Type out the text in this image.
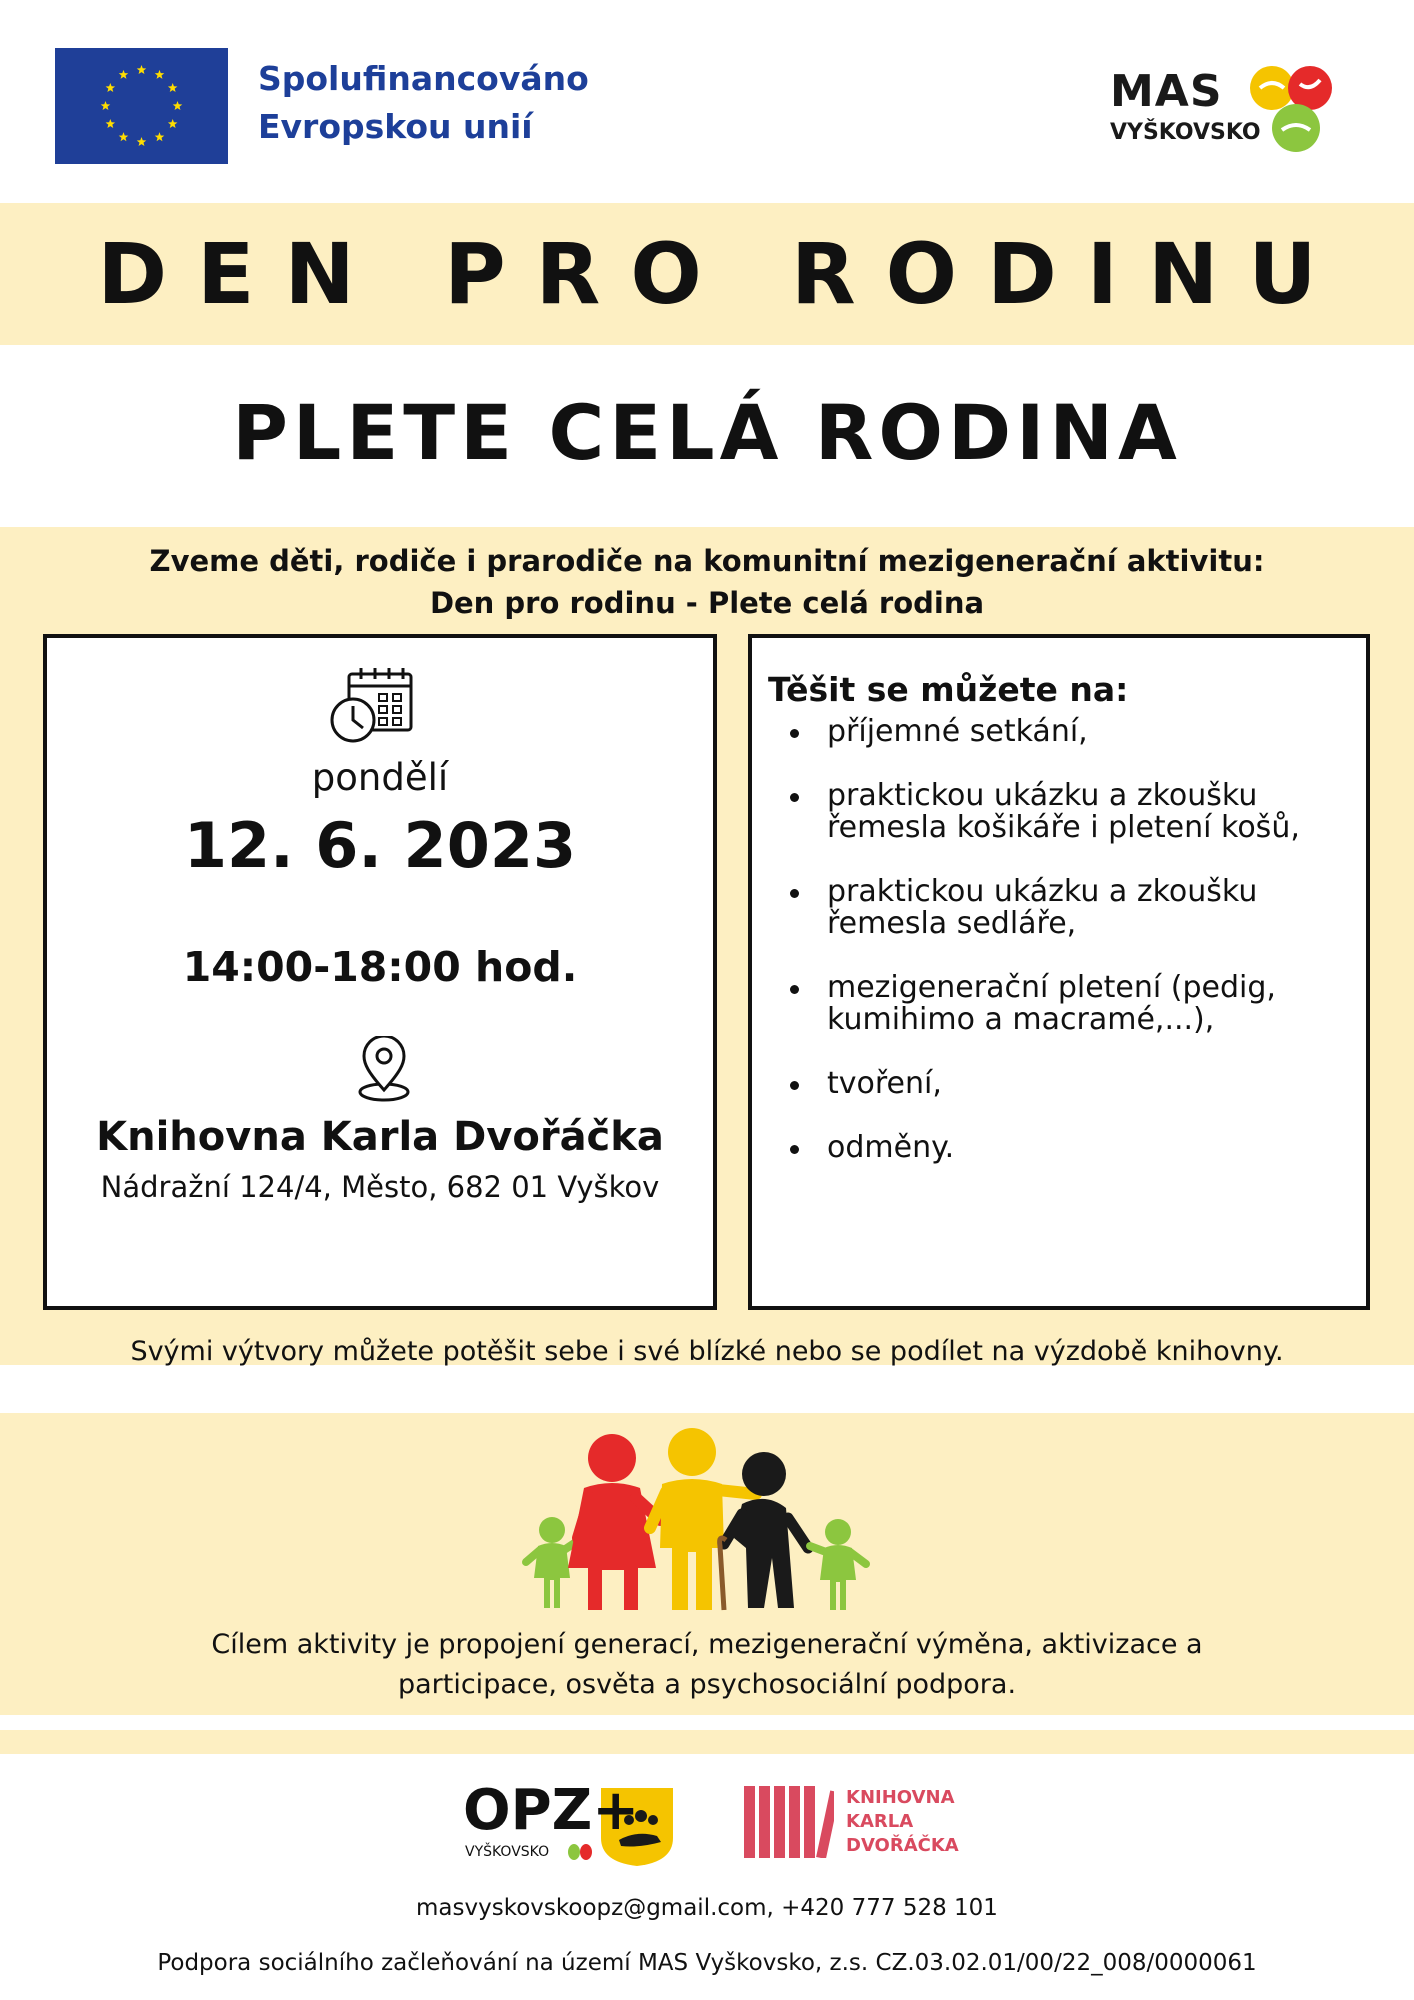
Spolufinancováno
Evropskou unií
MAS
VYŠKOVSKO
DEN PRO RODINU
PLETE CELÁ RODINA
Zveme děti, rodiče i prarodiče na komunitní mezigenerační aktivitu:
Den pro rodinu - Plete celá rodina
pondělí
12. 6. 2023
14:00-18:00 hod.
Knihovna Karla Dvořáčka
Nádražní 124/4, Město, 682 01 Vyškov
Těšit se můžete na:
příjemné setkání,
praktickou ukázku a zkoušku řemesla košikáře i pletení košů,
praktickou ukázku a zkoušku řemesla sedláře,
mezigenerační pletení (pedig, kumihimo a macramé,...),
tvoření,
odměny.
Svými výtvory můžete potěšit sebe i své blízké nebo se podílet na výzdobě knihovny.
Cílem aktivity je propojení generací, mezigenerační výměna, aktivizace a
participace, osvěta a psychosociální podpora.
OPZ+
VYŠKOVSKO
KNIHOVNA
KARLA
DVOŘÁČKA
masvyskovskoopz@gmail.com, +420 777 528 101
Podpora sociálního začleňování na území MAS Vyškovsko, z.s. CZ.03.02.01/00/22_008/0000061
